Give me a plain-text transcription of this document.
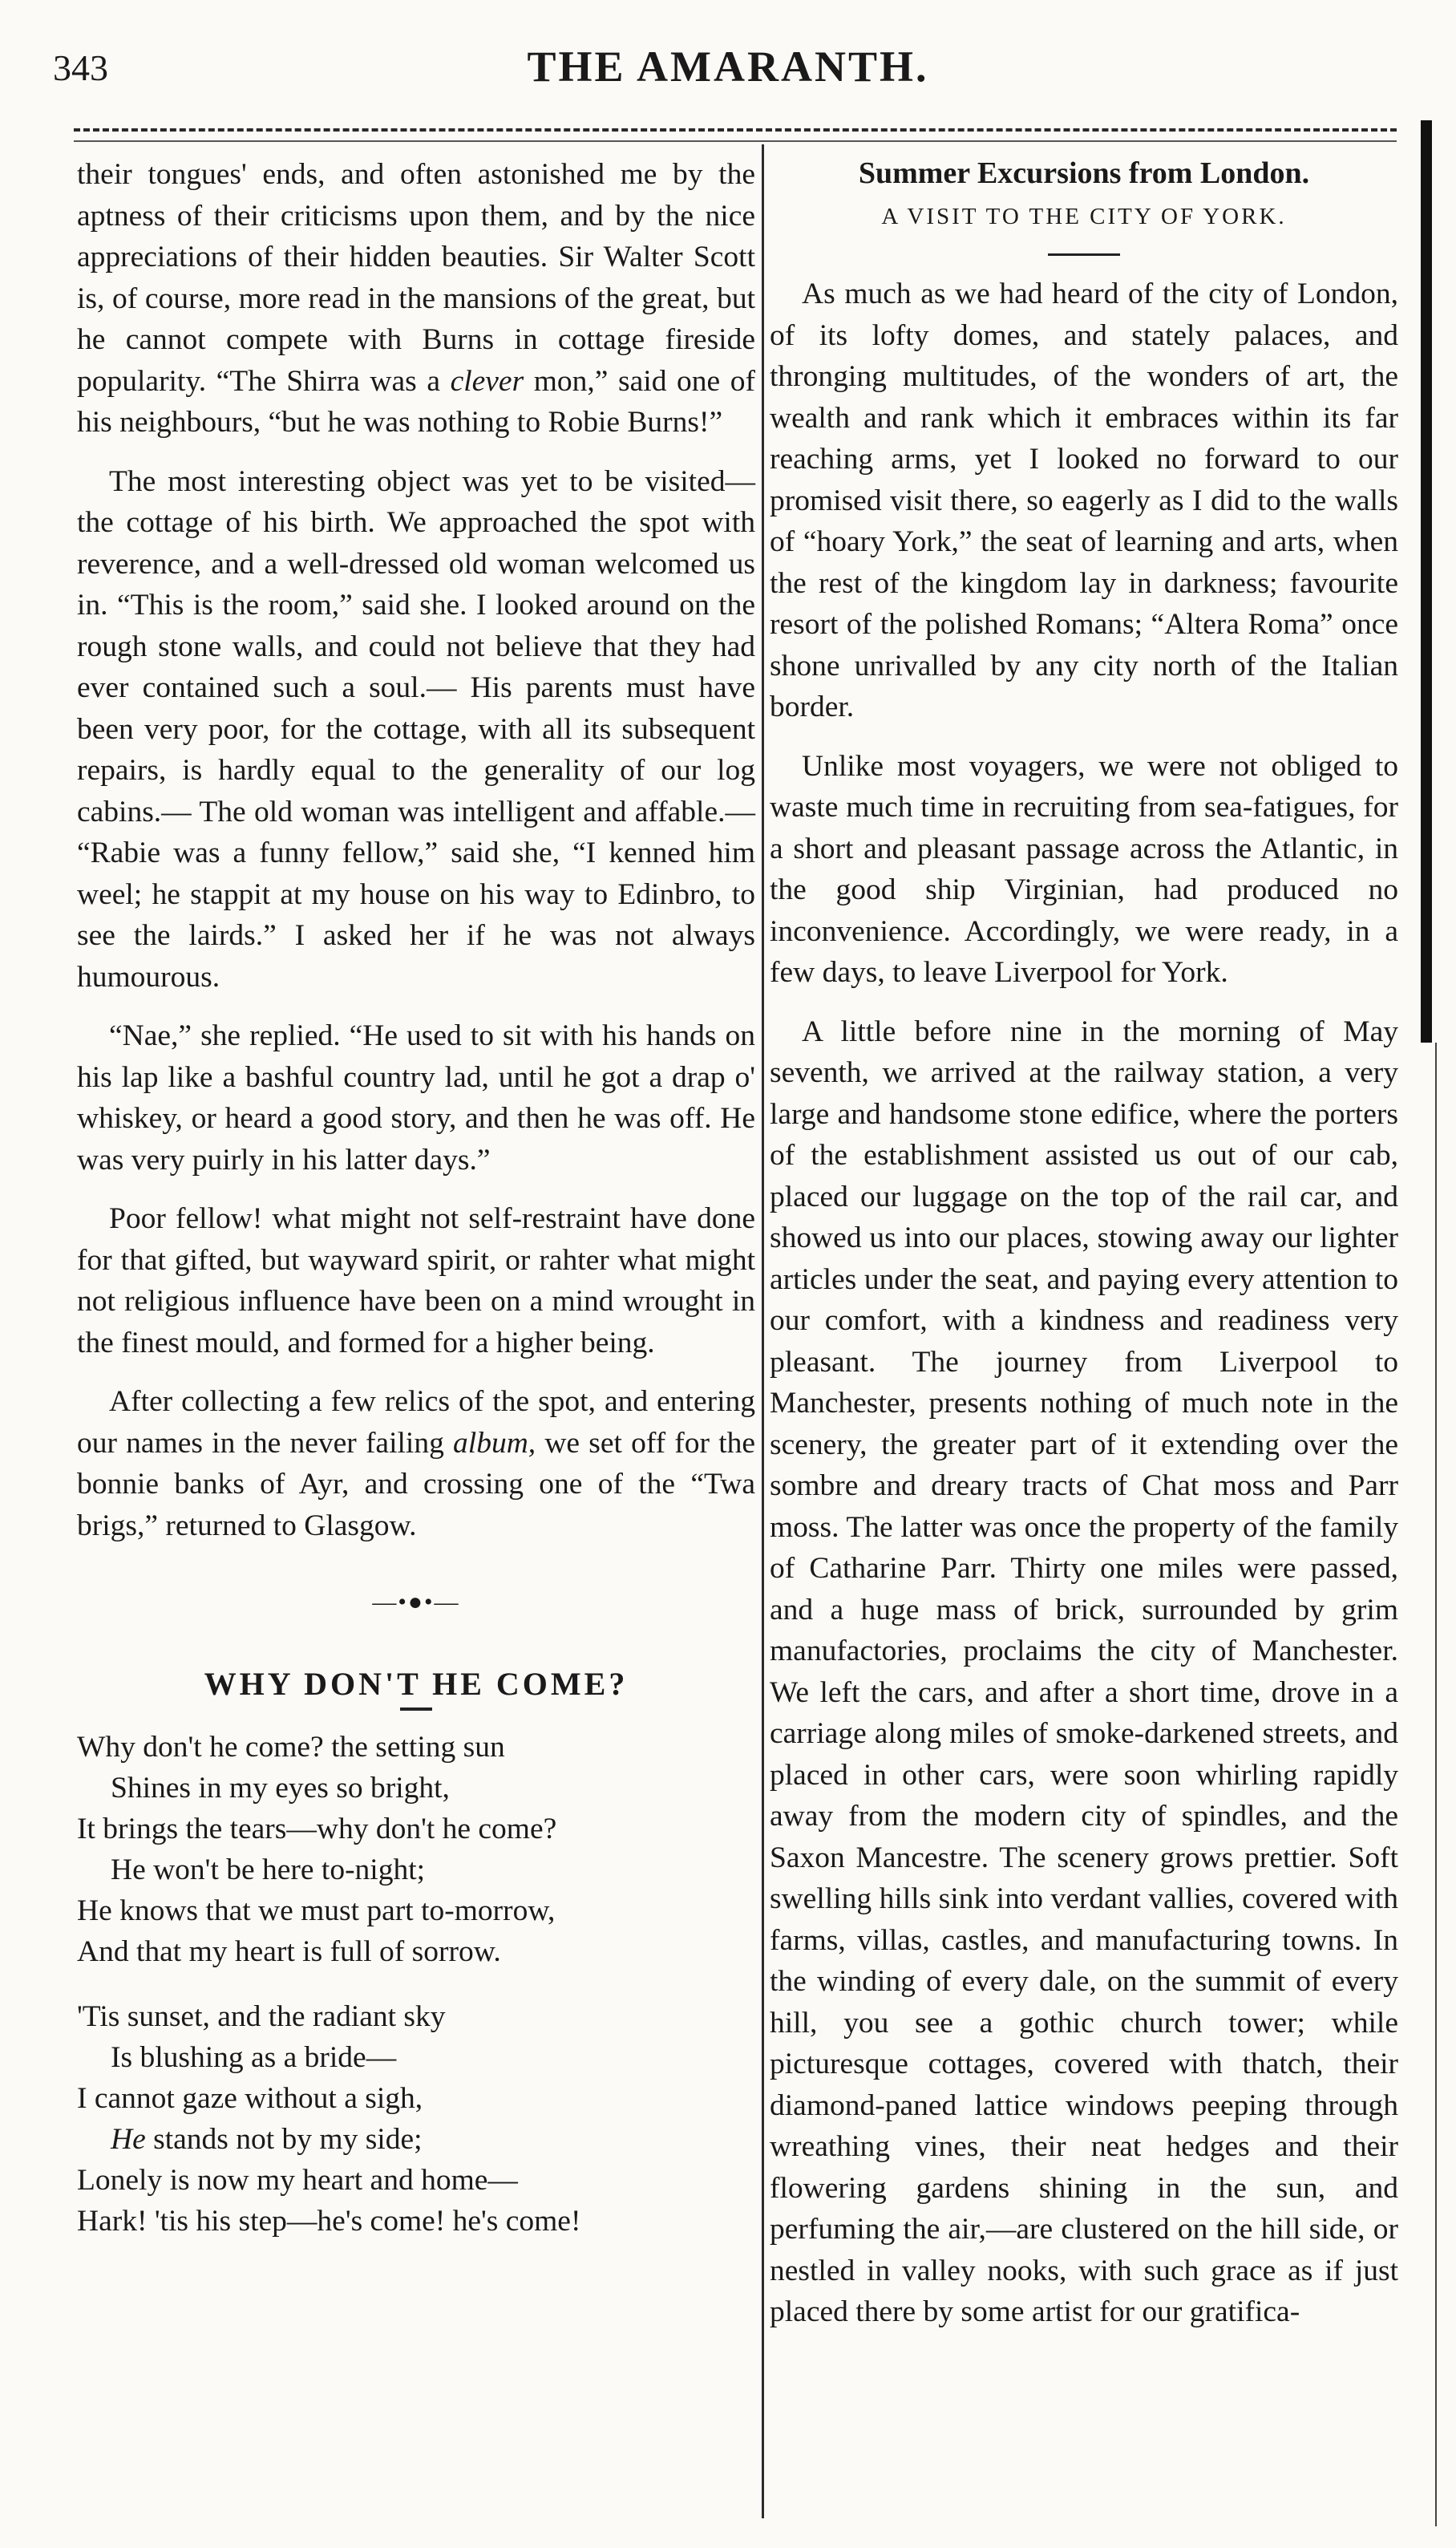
343	THE AMARANTH.

their tongues' ends, and often astonished me by the aptness of their criticisms upon them, and by the nice appreciations of their hidden beauties. Sir Walter Scott is, of course, more read in the mansions of the great, but he cannot compete with Burns in cottage fireside popularity. “The Shirra was a clever mon,” said one of his neighbours, “but he was nothing to Robie Burns!”

The most interesting object was yet to be visited—the cottage of his birth. We approached the spot with reverence, and a well-dressed old woman welcomed us in. “This is the room,” said she. I looked around on the rough stone walls, and could not believe that they had ever contained such a soul.— His parents must have been very poor, for the cottage, with all its subsequent repairs, is hardly equal to the generality of our log cabins.— The old woman was intelligent and affable.— “Rabie was a funny fellow,” said she, “I kenned him weel; he stappit at my house on his way to Edinbro, to see the lairds.” I asked her if he was not always humourous.

“Nae,” she replied. “He used to sit with his hands on his lap like a bashful country lad, until he got a drap o' whiskey, or heard a good story, and then he was off. He was very puirly in his latter days.”

Poor fellow! what might not self-restraint have done for that gifted, but wayward spirit, or rahter what might not religious influence have been on a mind wrought in the finest mould, and formed for a higher being.

After collecting a few relics of the spot, and entering our names in the never failing album, we set off for the bonnie banks of Ayr, and crossing one of the “Twa brigs,” returned to Glasgow.

—•●•—
WHY DON'T HE COME?
Why don't he come? the setting sun
Shines in my eyes so bright,
It brings the tears—why don't he come?
He won't be here to-night;
He knows that we must part to-morrow,
And that my heart is full of sorrow.
'Tis sunset, and the radiant sky
Is blushing as a bride—
I cannot gaze without a sigh,
He stands not by my side;
Lonely is now my heart and home—
Hark! 'tis his step—he's come! he's come!
Summer Excursions from London.
A VISIT TO THE CITY OF YORK.

As much as we had heard of the city of London, of its lofty domes, and stately palaces, and thronging multitudes, of the wonders of art, the wealth and rank which it embraces within its far reaching arms, yet I looked no forward to our promised visit there, so eagerly as I did to the walls of “hoary York,” the seat of learning and arts, when the rest of the kingdom lay in darkness; favourite resort of the polished Romans; “Altera Roma” once shone unrivalled by any city north of the Italian border.

Unlike most voyagers, we were not obliged to waste much time in recruiting from sea-fatigues, for a short and pleasant passage across the Atlantic, in the good ship Virginian, had produced no inconvenience. Accordingly, we were ready, in a few days, to leave Liverpool for York.

A little before nine in the morning of May seventh, we arrived at the railway station, a very large and handsome stone edifice, where the porters of the establishment assisted us out of our cab, placed our luggage on the top of the rail car, and showed us into our places, stowing away our lighter articles under the seat, and paying every attention to our comfort, with a kindness and readiness very pleasant. The journey from Liverpool to Manchester, presents nothing of much note in the scenery, the greater part of it extending over the sombre and dreary tracts of Chat moss and Parr moss. The latter was once the property of the family of Catharine Parr. Thirty one miles were passed, and a huge mass of brick, surrounded by grim manufactories, proclaims the city of Manchester. We left the cars, and after a short time, drove in a carriage along miles of smoke-darkened streets, and placed in other cars, were soon whirling rapidly away from the modern city of spindles, and the Saxon Mancestre. The scenery grows prettier. Soft swelling hills sink into verdant vallies, covered with farms, villas, castles, and manufacturing towns. In the winding of every dale, on the summit of every hill, you see a gothic church tower; while picturesque cottages, covered with thatch, their diamond-paned lattice windows peeping through wreathing vines, their neat hedges and their flowering gardens shining in the sun, and perfuming the air,—are clustered on the hill side, or nestled in valley nooks, with such grace as if just placed there by some artist for our gratifica-
